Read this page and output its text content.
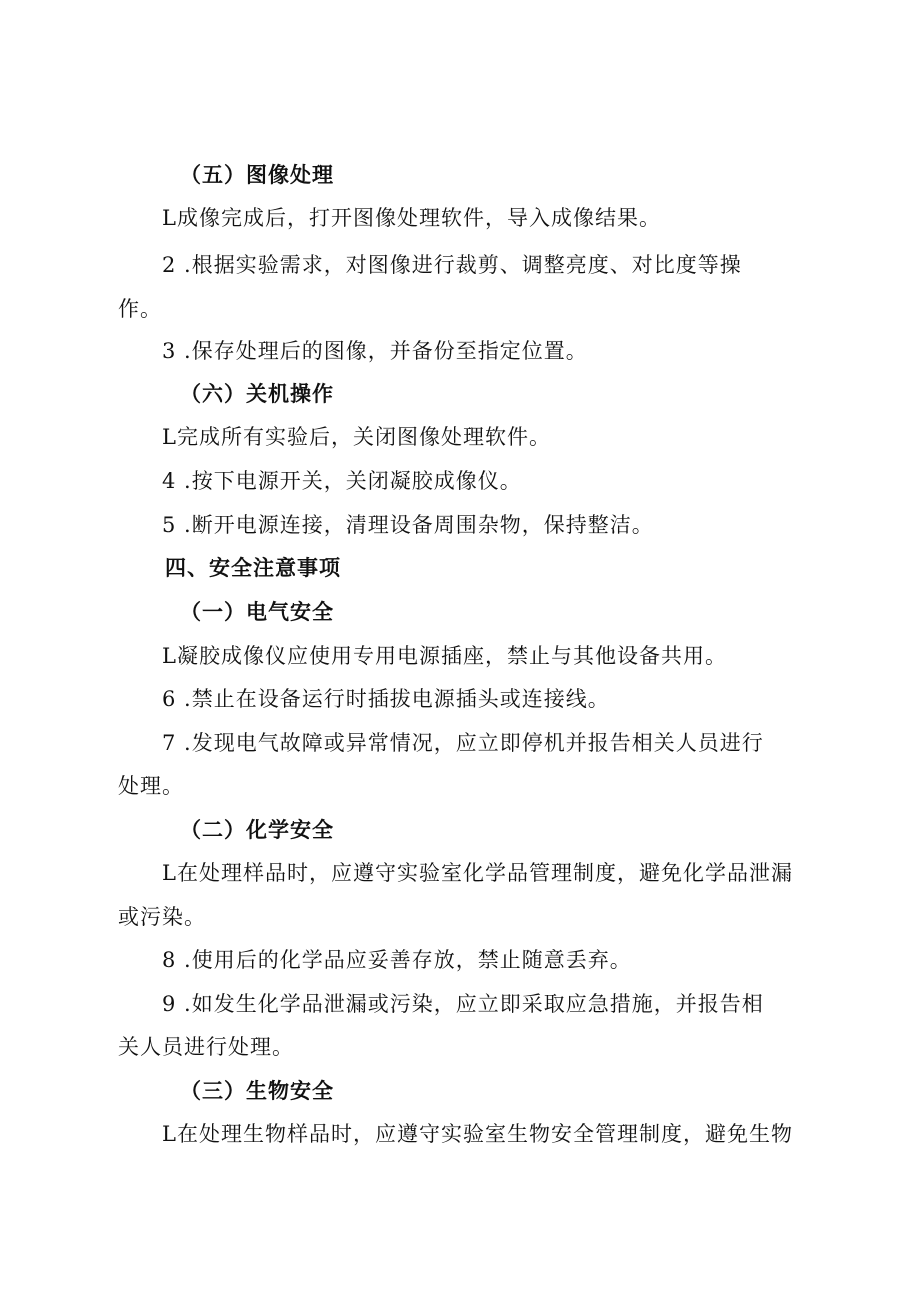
（五）图像处理
L成像完成后，打开图像处理软件，导入成像结果。
2 .根据实验需求，对图像进行裁剪、调整亮度、对比度等操
作。
3 .保存处理后的图像，并备份至指定位置。
（六）关机操作
L完成所有实验后，关闭图像处理软件。
4 .按下电源开关，关闭凝胶成像仪。
5 .断开电源连接，清理设备周围杂物，保持整洁。
四、安全注意事项
（一）电气安全
L凝胶成像仪应使用专用电源插座，禁止与其他设备共用。
6 .禁止在设备运行时插拔电源插头或连接线。
7 .发现电气故障或异常情况，应立即停机并报告相关人员进行
处理。
（二）化学安全
L在处理样品时，应遵守实验室化学品管理制度，避免化学品泄漏
或污染。
8 .使用后的化学品应妥善存放，禁止随意丢弃。
9 .如发生化学品泄漏或污染，应立即采取应急措施，并报告相
关人员进行处理。
（三）生物安全
L在处理生物样品时，应遵守实验室生物安全管理制度，避免生物
